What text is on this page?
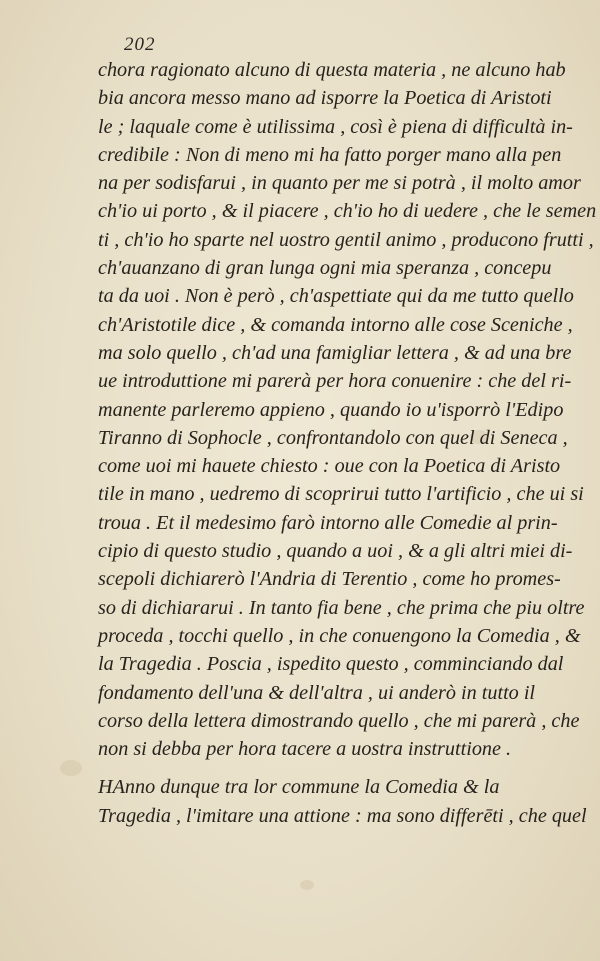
202
chora ragionato alcuno di questa materia , ne alcuno hab
bia ancora messo mano ad isporre la Poetica di Aristoti
le ; laquale come è utilissima , così è piena di difficultà in-
credibile : Non di meno mi ha fatto porger mano alla pen
na per sodisfarui , in quanto per me si potrà , il molto amor
ch'io ui porto , & il piacere , ch'io ho di uedere , che le semen
ti , ch'io ho sparte nel uostro gentil animo , producono frutti ,
ch'auanzano di gran lunga ogni mia speranza , concepu
ta da uoi . Non è però , ch'aspettiate qui da me tutto quello
ch'Aristotile dice , & comanda intorno alle cose Sceniche ,
ma solo quello , ch'ad una famigliar lettera , & ad una bre
ue introduttione mi parerà per hora conuenire : che del ri-
manente parleremo appieno , quando io u'isporrò l'Edipo
Tiranno di Sophocle , confrontandolo con quel di Seneca ,
come uoi mi hauete chiesto : oue con la Poetica di Aristo
tile in mano , uedremo di scoprirui tutto l'artificio , che ui si
troua . Et il medesimo farò intorno alle Comedie al prin-
cipio di questo studio , quando a uoi , & a gli altri miei di-
scepoli dichiarerò l'Andria di Terentio , come ho promes-
so di dichiararui . In tanto fia bene , che prima che piu oltre
proceda , tocchi quello , in che conuengono la Comedia , &
la Tragedia . Poscia , ispedito questo , comminciando dal
fondamento dell'una & dell'altra , ui anderò in tutto il
corso della lettera dimostrando quello , che mi parerà , che
non si debba per hora tacere a uostra instruttione .
HAnno dunque tra lor commune la Comedia & la
Tragedia , l'imitare una attione : ma sono differēti , che quel
